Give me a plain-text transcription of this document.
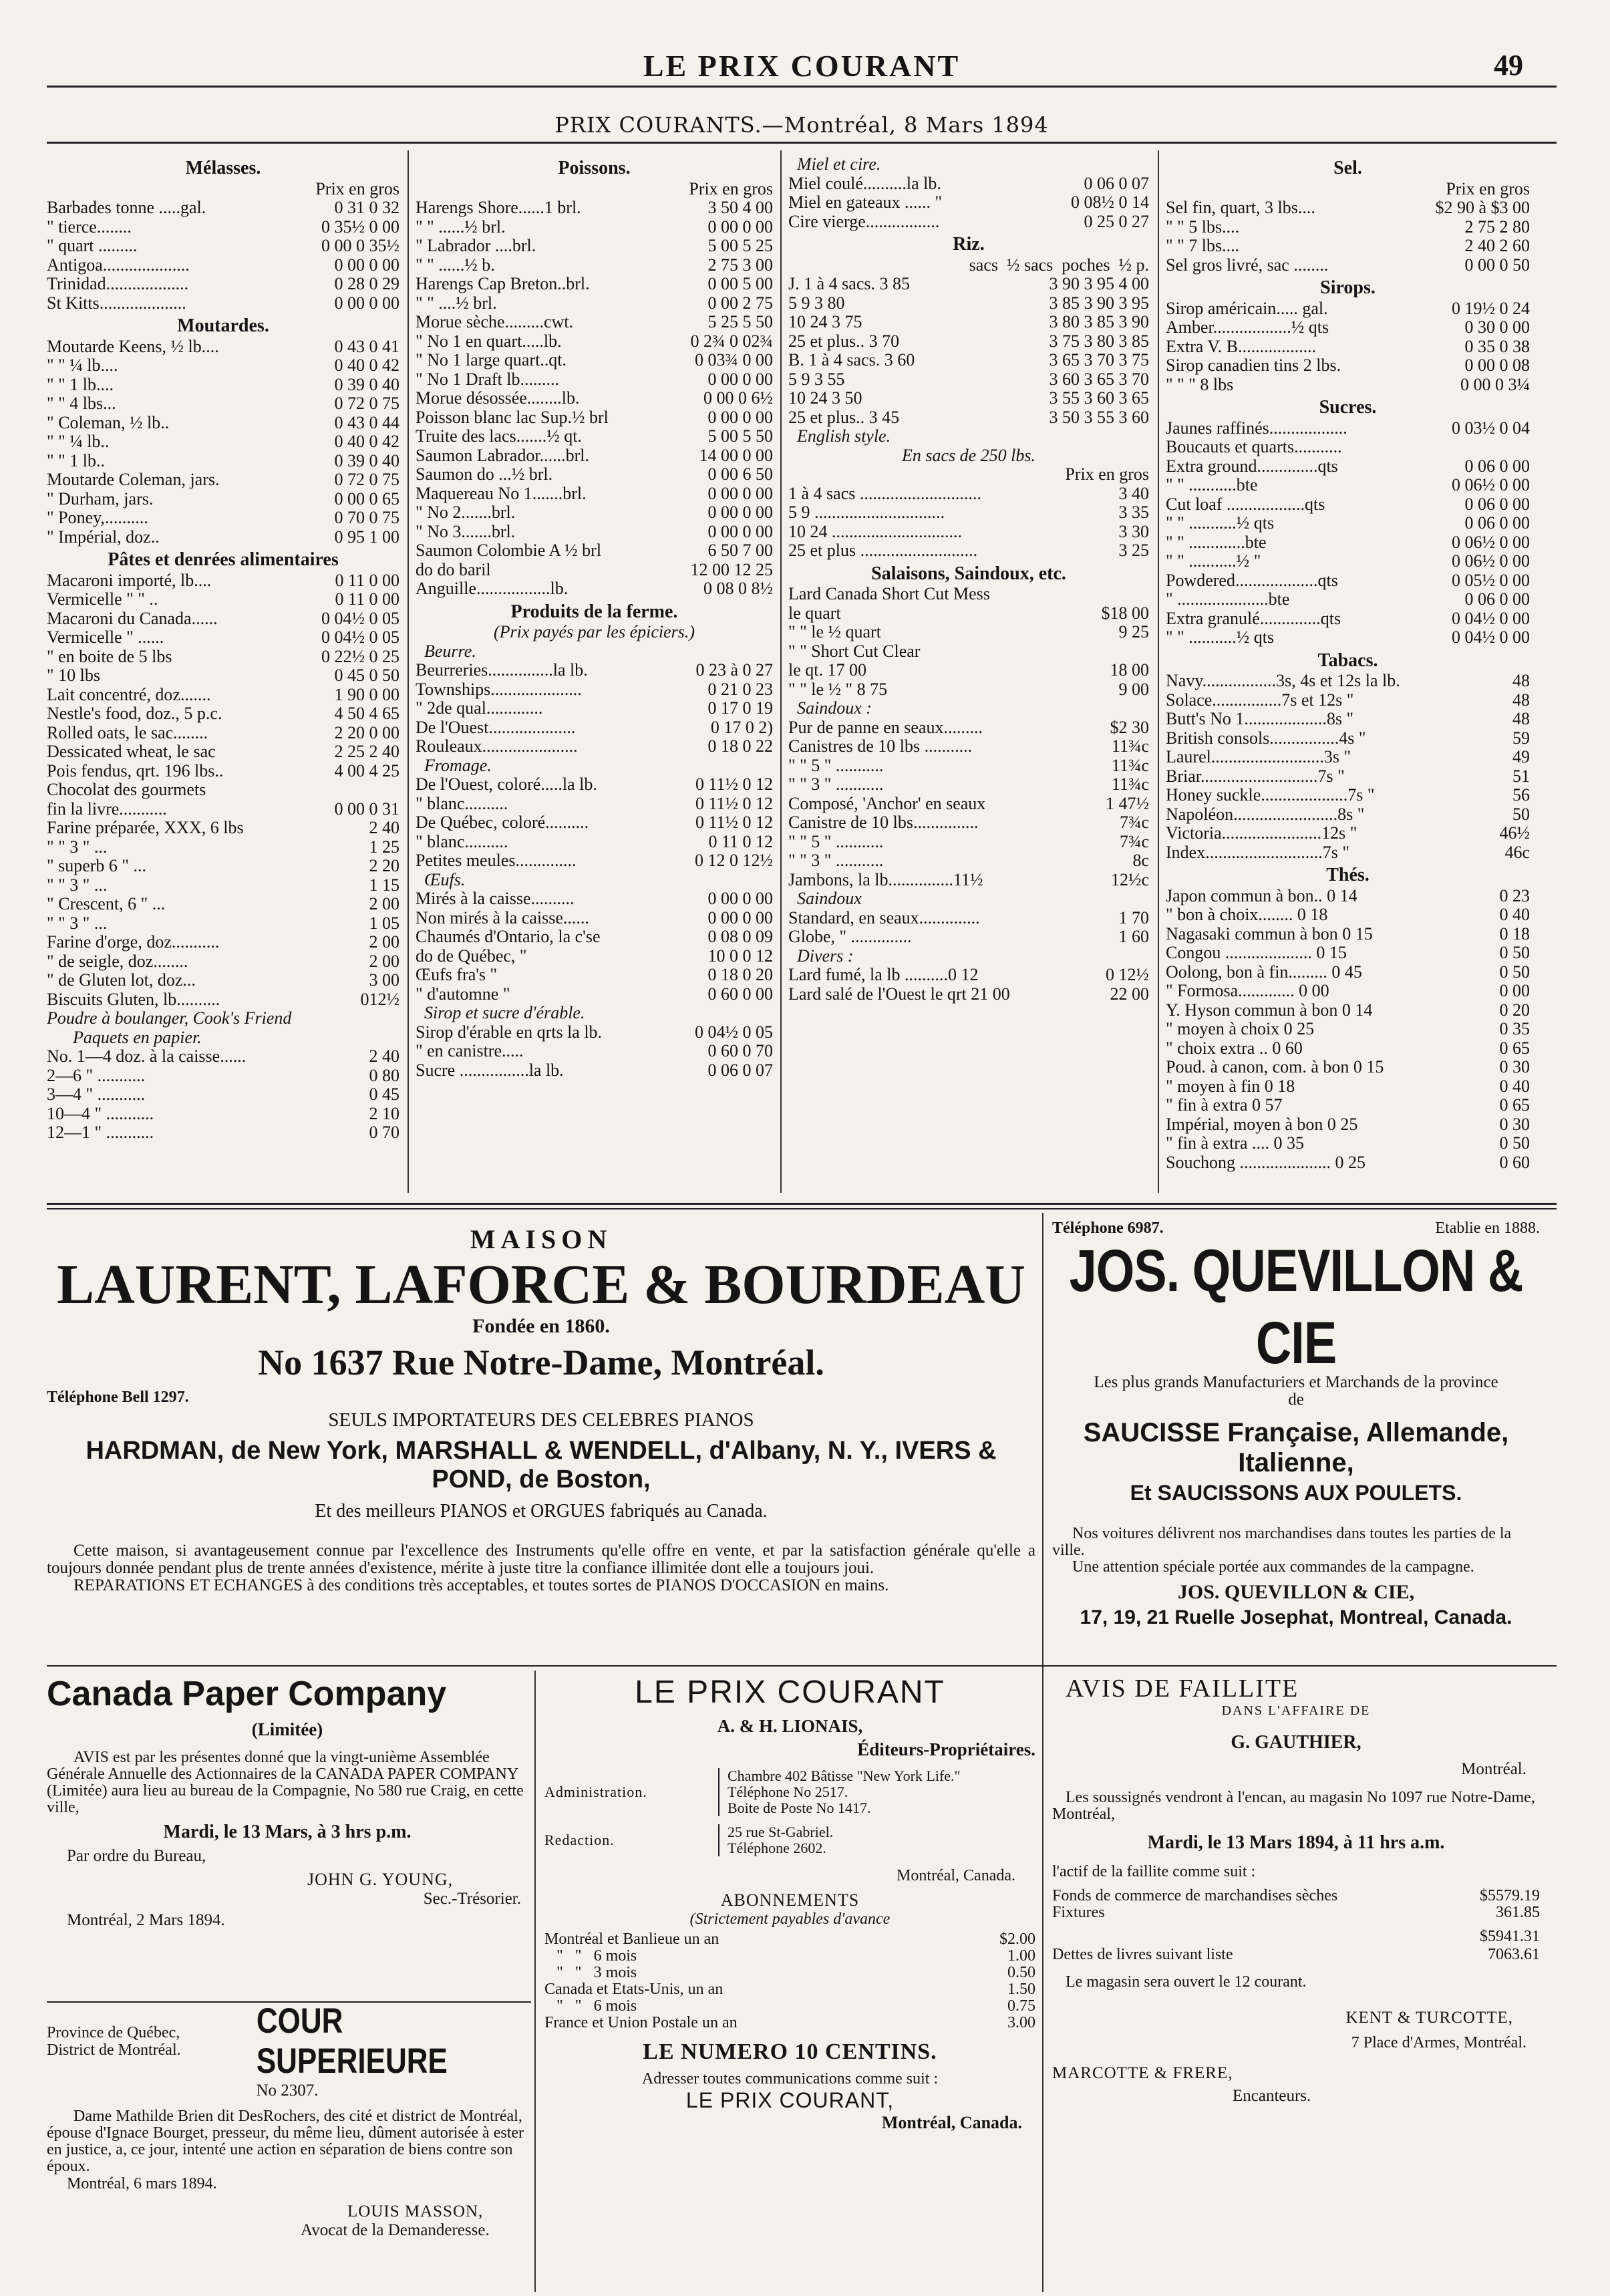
LE PRIX COURANT	49
PRIX COURANTS.—Montréal, 8 Mars 1894
Mélasses.
Prix en gros
Barbades tonne .....gal.	0 31 0 32
" tierce........	0 35½ 0 00
" quart .........	0 00 0 35½
Antigoa....................	0 00 0 00
Trinidad...................	0 28 0 29
St Kitts....................	0 00 0 00
Moutardes.
Moutarde Keens, ½ lb....	0 43 0 41
" " ¼ lb....	0 40 0 42
" " 1 lb....	0 39 0 40
" " 4 lbs...	0 72 0 75
" Coleman, ½ lb..	0 43 0 44
" " ¼ lb..	0 40 0 42
" " 1 lb..	0 39 0 40
Moutarde Coleman, jars.	0 72 0 75
" Durham, jars.	0 00 0 65
" Poney,..........	0 70 0 75
" Impérial, doz..	0 95 1 00
Pâtes et denrées alimentaires
Macaroni importé, lb....	0 11 0 00
Vermicelle " " ..	0 11 0 00
Macaroni du Canada......	0 04½ 0 05
Vermicelle " ......	0 04½ 0 05
" en boite de 5 lbs	0 22½ 0 25
" 10 lbs	0 45 0 50
Lait concentré, doz.......	1 90 0 00
Nestle's food, doz., 5 p.c.	4 50 4 65
Rolled oats, le sac........	2 20 0 00
Dessicated wheat, le sac	2 25 2 40
Pois fendus, qrt. 196 lbs..	4 00 4 25
Chocolat des gourmets
fin la livre...........	0 00 0 31
Farine préparée, XXX, 6 lbs	2 40
" " 3 " ...	1 25
" superb 6 " ...	2 20
" " 3 " ...	1 15
" Crescent, 6 " ...	2 00
" " 3 " ...	1 05
Farine d'orge, doz...........	2 00
" de seigle, doz........	2 00
" de Gluten lot, doz...	3 00
Biscuits Gluten, lb..........	012½
Poudre à boulanger, Cook's Friend
Paquets en papier.
No. 1—4 doz. à la caisse......	2 40
2—6 " ...........	0 80
3—4 " ...........	0 45
10—4 " ...........	2 10
12—1 " ...........	0 70
Poissons.
Prix en gros
Harengs Shore......1 brl.	3 50 4 00
" " ......½ brl.	0 00 0 00
" Labrador ....brl.	5 00 5 25
" " ......½ b.	2 75 3 00
Harengs Cap Breton..brl.	0 00 5 00
" " ....½ brl.	0 00 2 75
Morue sèche.........cwt.	5 25 5 50
" No 1 en quart.....lb.	0 2¾ 0 02¾
" No 1 large quart..qt.	0 03¾ 0 00
" No 1 Draft lb.........	0 00 0 00
Morue désossée........lb.	0 00 0 6½
Poisson blanc lac Sup.½ brl	0 00 0 00
Truite des lacs.......½ qt.	5 00 5 50
Saumon Labrador......brl.	14 00 0 00
Saumon do ...½ brl.	0 00 6 50
Maquereau No 1.......brl.	0 00 0 00
" No 2.......brl.	0 00 0 00
" No 3.......brl.	0 00 0 00
Saumon Colombie A ½ brl	6 50 7 00
do do baril	12 00 12 25
Anguille.................lb.	0 08 0 8½
Produits de la ferme.
(Prix payés par les épiciers.)
Beurre.
Beurreries...............la lb.	0 23 à 0 27
Townships.....................	0 21 0 23
" 2de qual.............	0 17 0 19
De l'Ouest....................	0 17 0 2)
Rouleaux......................	0 18 0 22
Fromage.
De l'Ouest, coloré.....la lb.	0 11½ 0 12
" blanc..........	0 11½ 0 12
De Québec, coloré..........	0 11½ 0 12
" blanc..........	0 11 0 12
Petites meules..............	0 12 0 12½
Œufs.
Mirés à la caisse..........	0 00 0 00
Non mirés à la caisse......	0 00 0 00
Chaumés d'Ontario, la c'se	0 08 0 09
do de Québec, "	10 0 0 12
Œufs fra's "	0 18 0 20
" d'automne "	0 60 0 00
Sirop et sucre d'érable.
Sirop d'érable en qrts la lb.	0 04½ 0 05
" en canistre.....	0 60 0 70
Sucre ................la lb.	0 06 0 07
Miel et cire.
Miel coulé..........la lb.	0 06 0 07
Miel en gateaux ...... "	0 08½ 0 14
Cire vierge.................	0 25 0 27
Riz.
sacs  ½ sacs  poches  ½ p.
J. 1 à 4 sacs. 3 85	3 90 3 95 4 00
5 9 3 80	3 85 3 90 3 95
10 24 3 75	3 80 3 85 3 90
25 et plus.. 3 70	3 75 3 80 3 85
B. 1 à 4 sacs. 3 60	3 65 3 70 3 75
5 9 3 55	3 60 3 65 3 70
10 24 3 50	3 55 3 60 3 65
25 et plus.. 3 45	3 50 3 55 3 60
English style.
En sacs de 250 lbs.
Prix en gros
1 à 4 sacs ............................	3 40
5 9 ..............................	3 35
10 24 ..............................	3 30
25 et plus ...........................	3 25
Salaisons, Saindoux, etc.
Lard Canada Short Cut Mess
le quart	$18 00
" " le ½ quart	9 25
" " Short Cut Clear
le qt. 17 00	18 00
" " le ½ " 8 75	9 00
Saindoux :
Pur de panne en seaux.........	$2 30
Canistres de 10 lbs ...........	11¾c
" " 5 " ...........	11¾c
" " 3 " ...........	11¾c
Composé, 'Anchor' en seaux	1 47½
Canistre de 10 lbs...............	7¾c
" " 5 " ...........	7¾c
" " 3 " ...........	8c
Jambons, la lb...............11½	12½c
Saindoux
Standard, en seaux..............	1 70
Globe, " ..............	1 60
Divers :
Lard fumé, la lb ..........0 12	0 12½
Lard salé de l'Ouest le qrt 21 00	22 00
Sel.
Prix en gros
Sel fin, quart, 3 lbs....	$2 90 à $3 00
" " 5 lbs....	2 75 2 80
" " 7 lbs....	2 40 2 60
Sel gros livré, sac ........	0 00 0 50
Sirops.
Sirop américain..... gal.	0 19½ 0 24
Amber..................½ qts	0 30 0 00
Extra V. B..................	0 35 0 38
Sirop canadien tins 2 lbs.	0 00 0 08
" " " 8 lbs	0 00 0 3¼
Sucres.
Jaunes raffinés..................	0 03½ 0 04
Boucauts et quarts...........
Extra ground..............qts	0 06 0 00
" " ...........bte	0 06½ 0 00
Cut loaf ..................qts	0 06 0 00
" " ...........½ qts	0 06 0 00
" " .............bte	0 06½ 0 00
" " ...........½ "	0 06½ 0 00
Powdered...................qts	0 05½ 0 00
" .....................bte	0 06 0 00
Extra granulé..............qts	0 04½ 0 00
" " ...........½ qts	0 04½ 0 00
Tabacs.
Navy.................3s, 4s et 12s la lb.	48
Solace................7s et 12s "	48
Butt's No 1...................8s "	48
British consols................4s "	59
Laurel..........................3s "	49
Briar...........................7s "	51
Honey suckle....................7s "	56
Napoléon........................8s "	50
Victoria.......................12s "	46½
Index...........................7s "	46c
Thés.
Japon commun à bon.. 0 14	0 23
" bon à choix........ 0 18	0 40
Nagasaki commun à bon 0 15	0 18
Congou .................... 0 15	0 50
Oolong, bon à fin......... 0 45	0 50
" Formosa............. 0 00	0 00
Y. Hyson commun à bon 0 14	0 20
" moyen à choix 0 25	0 35
" choix extra .. 0 60	0 65
Poud. à canon, com. à bon 0 15	0 30
" moyen à fin 0 18	0 40
" fin à extra 0 57	0 65
Impérial, moyen à bon 0 25	0 30
" fin à extra .... 0 35	0 50
Souchong ..................... 0 25	0 60
MAISON
LAURENT, LAFORCE & BOURDEAU
Fondée en 1860.
No 1637 Rue Notre-Dame, Montréal.
Téléphone Bell 1297.
SEULS IMPORTATEURS DES CELEBRES PIANOS
HARDMAN, de New York, MARSHALL & WENDELL, d'Albany, N. Y., IVERS & POND, de Boston,
Et des meilleurs PIANOS et ORGUES fabriqués au Canada.
Cette maison, si avantageusement connue par l'excellence des Instruments qu'elle offre en vente, et par la satisfaction générale qu'elle a toujours donnée pendant plus de trente années d'existence, mérite à juste titre la confiance illimitée dont elle a toujours joui.
REPARATIONS ET ECHANGES à des conditions très acceptables, et toutes sortes de PIANOS D'OCCASION en mains.
Téléphone 6987.	Etablie en 1888.
JOS. QUEVILLON & CIE
Les plus grands Manufacturiers et Marchands de la province de
SAUCISSE Française, Allemande, Italienne,
Et SAUCISSONS AUX POULETS.
Nos voitures délivrent nos marchandises dans toutes les parties de la ville.
Une attention spéciale portée aux commandes de la campagne.
JOS. QUEVILLON & CIE,
17, 19, 21 Ruelle Josephat, Montreal, Canada.
Canada Paper Company
(Limitée)
AVIS est par les présentes donné que la vingt-unième Assemblée Générale Annuelle des Actionnaires de la CANADA PAPER COMPANY (Limitée) aura lieu au bureau de la Compagnie, No 580 rue Craig, en cette ville,
Mardi, le 13 Mars, à 3 hrs p.m.
Par ordre du Bureau,
JOHN G. YOUNG,
Sec.-Trésorier.
Montréal, 2 Mars 1894.
Province de Québec,
District de Montréal.
COUR SUPERIEURE
No 2307.
Dame Mathilde Brien dit DesRochers, des cité et district de Montréal, épouse d'Ignace Bourget, presseur, du même lieu, dûment autorisée à ester en justice, a, ce jour, intenté une action en séparation de biens contre son époux.
Montréal, 6 mars 1894.
LOUIS MASSON,
Avocat de la Demanderesse.
LE PRIX COURANT
A. & H. LIONAIS,
Éditeurs-Propriétaires.
Administration.
Chambre 402 Bâtisse "New York Life."
Téléphone No 2517.
Boite de Poste No 1417.
Redaction.	25 rue St-Gabriel.
Téléphone 2602.
Montréal, Canada.
ABONNEMENTS
(Strictement payables d'avance
Montréal et Banlieue un an	$2.00
"   "   6 mois	1.00
"   "   3 mois	0.50
Canada et Etats-Unis, un an	1.50
"   "   6 mois	0.75
France et Union Postale un an	3.00
LE NUMERO 10 CENTINS.
Adresser toutes communications comme suit :
LE PRIX COURANT,
Montréal, Canada.
AVIS DE FAILLITE
DANS L'AFFAIRE DE
G. GAUTHIER,
Montréal.
Les soussignés vendront à l'encan, au magasin No 1097 rue Notre-Dame, Montréal,
Mardi, le 13 Mars 1894, à 11 hrs a.m.
l'actif de la faillite comme suit :
Fonds de commerce de marchandises sèches	$5579.19
Fixtures	361.85
$5941.31
Dettes de livres suivant liste	7063.61
Le magasin sera ouvert le 12 courant.
KENT & TURCOTTE,
7 Place d'Armes, Montréal.
MARCOTTE & FRERE,
Encanteurs.
